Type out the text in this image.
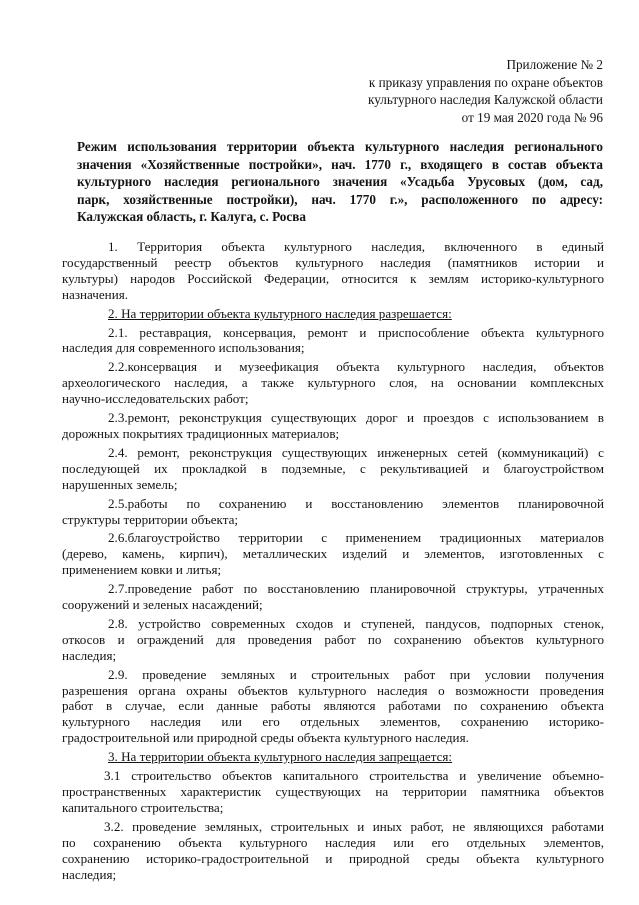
Приложение № 2
к приказу управления по охране объектов
культурного наследия Калужской области
от 19 мая 2020 года № 96
Режим использования территории объекта культурного наследия регионального
значения «Хозяйственные постройки», нач. 1770 г., входящего в состав объекта
культурного наследия регионального значения «Усадьба Урусовых (дом, сад,
парк, хозяйственные постройки), нач. 1770 г.», расположенного по адресу:
Калужская область, г. Калуга, с. Росва
1. Территория объекта культурного наследия, включенного в единый
государственный реестр объектов культурного наследия (памятников истории и
культуры) народов Российской Федерации, относится к землям историко-культурного
назначения.
2. На территории объекта культурного наследия разрешается:
2.1. реставрация, консервация, ремонт и приспособление объекта культурного
наследия для современного использования;
2.2.консервация и музеефикация объекта культурного наследия, объектов
археологического наследия, а также культурного слоя, на основании комплексных
научно-исследовательских работ;
2.3.ремонт, реконструкция существующих дорог и проездов с использованием в
дорожных покрытиях традиционных материалов;
2.4. ремонт, реконструкция существующих инженерных сетей (коммуникаций) с
последующей их прокладкой в подземные, с рекультивацией и благоустройством
нарушенных земель;
2.5.работы по сохранению и восстановлению элементов планировочной
структуры территории объекта;
2.6.благоустройство территории с применением традиционных материалов
(дерево, камень, кирпич), металлических изделий и элементов, изготовленных с
применением ковки и литья;
2.7.проведение работ по восстановлению планировочной структуры, утраченных
сооружений и зеленых насаждений;
2.8. устройство современных сходов и ступеней, пандусов, подпорных стенок,
откосов и ограждений для проведения работ по сохранению объектов культурного
наследия;
2.9. проведение земляных и строительных работ при условии получения
разрешения органа охраны объектов культурного наследия о возможности проведения
работ в случае, если данные работы являются работами по сохранению объекта
культурного наследия или его отдельных элементов, сохранению историко-
градостроительной или природной среды объекта культурного наследия.
3. На территории объекта культурного наследия запрещается:
3.1 строительство объектов капитального строительства и увеличение объемно-
пространственных характеристик существующих на территории памятника объектов
капитального строительства;
3.2. проведение земляных, строительных и иных работ, не являющихся работами
по сохранению объекта культурного наследия или его отдельных элементов,
сохранению историко-градостроительной и природной среды объекта культурного
наследия;
